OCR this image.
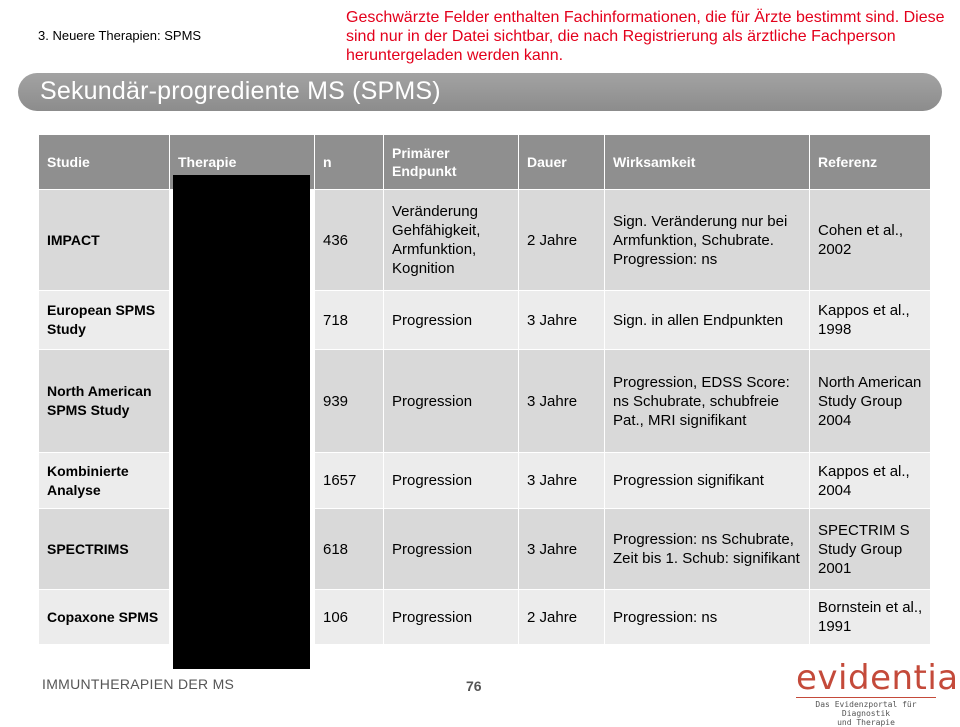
3. Neuere Therapien: SPMS
Geschwärzte Felder enthalten Fachinformationen, die für Ärzte bestimmt sind. Diese sind nur in der Datei sichtbar, die nach Registrierung als ärztliche Fachperson heruntergeladen werden kann.
Sekundär-progrediente MS (SPMS)
Studie	Therapie	n	Primärer Endpunkt	Dauer	Wirksamkeit	Referenz
IMPACT		436	Veränderung Gehfähigkeit, Armfunktion, Kognition	2 Jahre	Sign. Veränderung nur bei Armfunktion, Schubrate. Progression: ns	Cohen et al., 2002
European SPMS Study		718	Progression	3 Jahre	Sign. in allen Endpunkten	Kappos et al., 1998
North American SPMS Study		939	Progression	3 Jahre	Progression, EDSS Score: ns Schubrate, schubfreie Pat., MRI signifikant	North American Study Group 2004
Kombinierte Analyse		1657	Progression	3 Jahre	Progression signifikant	Kappos et al., 2004
SPECTRIMS		618	Progression	3 Jahre	Progression: ns Schubrate, Zeit bis 1. Schub: signifikant	SPECTRIM S Study Group 2001
Copaxone SPMS		106	Progression	2 Jahre	Progression: ns	Bornstein et al., 1991
IMMUNTHERAPIEN DER MS	76	evidentia
Das Evidenzportal für Diagnostik
und Therapie
